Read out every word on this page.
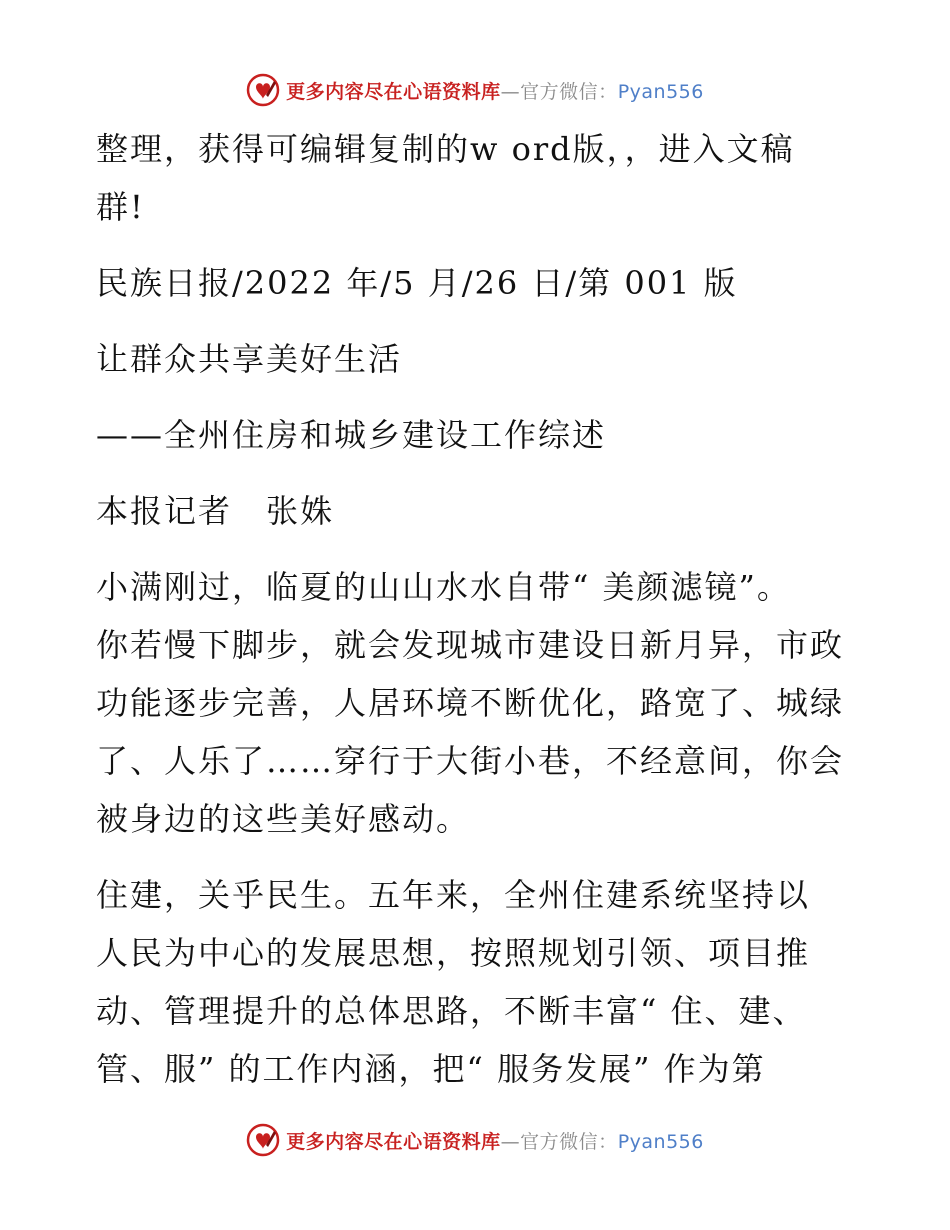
更多内容尽在心语资料库—官方微信：Pyan556
整理，获得可编辑复制的w ord版，，进入文稿
群!
民族日报/2022 年/5 月/26 日/第 001 版
让群众共享美好生活
——全州住房和城乡建设工作综述
本报记者　张姝
小满刚过，临夏的山山水水自带“ 美颜滤镜”。
你若慢下脚步，就会发现城市建设日新月异，市政
功能逐步完善，人居环境不断优化，路宽了、城绿
了、人乐了……穿行于大街小巷，不经意间，你会
被身边的这些美好感动。
住建，关乎民生。五年来，全州住建系统坚持以
人民为中心的发展思想，按照规划引领、项目推
动、管理提升的总体思路，不断丰富“ 住、建、
管、服” 的工作内涵，把“ 服务发展” 作为第
更多内容尽在心语资料库—官方微信：Pyan556
